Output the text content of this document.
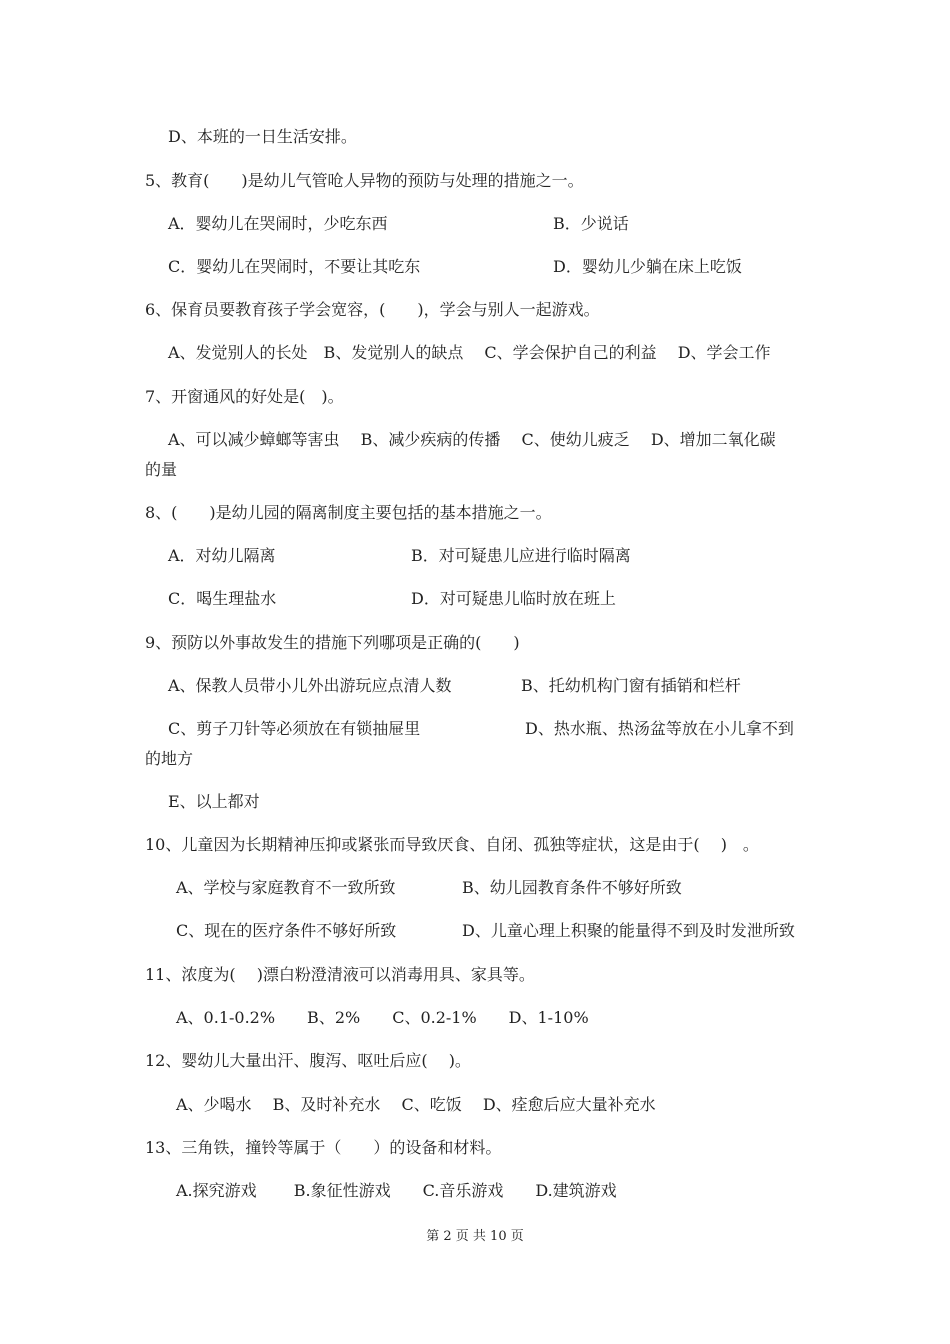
D、本班的一日生活安排。
5、教育(　　)是幼儿气管呛人异物的预防与处理的措施之一。
A．婴幼儿在哭闹时，少吃东西	B．少说话
C．婴幼儿在哭闹时，不要让其吃东	D．婴幼儿少躺在床上吃饭
6、保育员要教育孩子学会宽容，(　　)，学会与别人一起游戏。
A、发觉别人的长处　B、发觉别人的缺点　 C、学会保护自己的利益　 D、学会工作
7、开窗通风的好处是(　)。
A、可以减少蟑螂等害虫　 B、减少疾病的传播　 C、使幼儿疲乏　 D、增加二氧化碳
的量
8、(　　)是幼儿园的隔离制度主要包括的基本措施之一。
A．对幼儿隔离	B．对可疑患儿应进行临时隔离
C．喝生理盐水	D．对可疑患儿临时放在班上
9、预防以外事故发生的措施下列哪项是正确的(　　)
A、保教人员带小儿外出游玩应点清人数	B、托幼机构门窗有插销和栏杆
C、剪子刀针等必须放在有锁抽屉里	D、热水瓶、热汤盆等放在小儿拿不到
的地方
E、以上都对
10、儿童因为长期精神压抑或紧张而导致厌食、自闭、孤独等症状，这是由于(　 )　。
A、学校与家庭教育不一致所致	B、幼儿园教育条件不够好所致
C、现在的医疗条件不够好所致	D、儿童心理上积聚的能量得不到及时发泄所致
11、浓度为(　 )漂白粉澄清液可以消毒用具、家具等。
A、0.1-0.2%　　B、2%　　C、0.2-1%　　D、1-10%
12、婴幼儿大量出汗、腹泻、呕吐后应(　 )。
A、少喝水　 B、及时补充水　 C、吃饭　 D、痊愈后应大量补充水
13、三角铁，撞铃等属于（　　）的设备和材料。
A.探究游戏　　 B.象征性游戏　　C.音乐游戏　　D.建筑游戏
第 2 页 共 10 页
